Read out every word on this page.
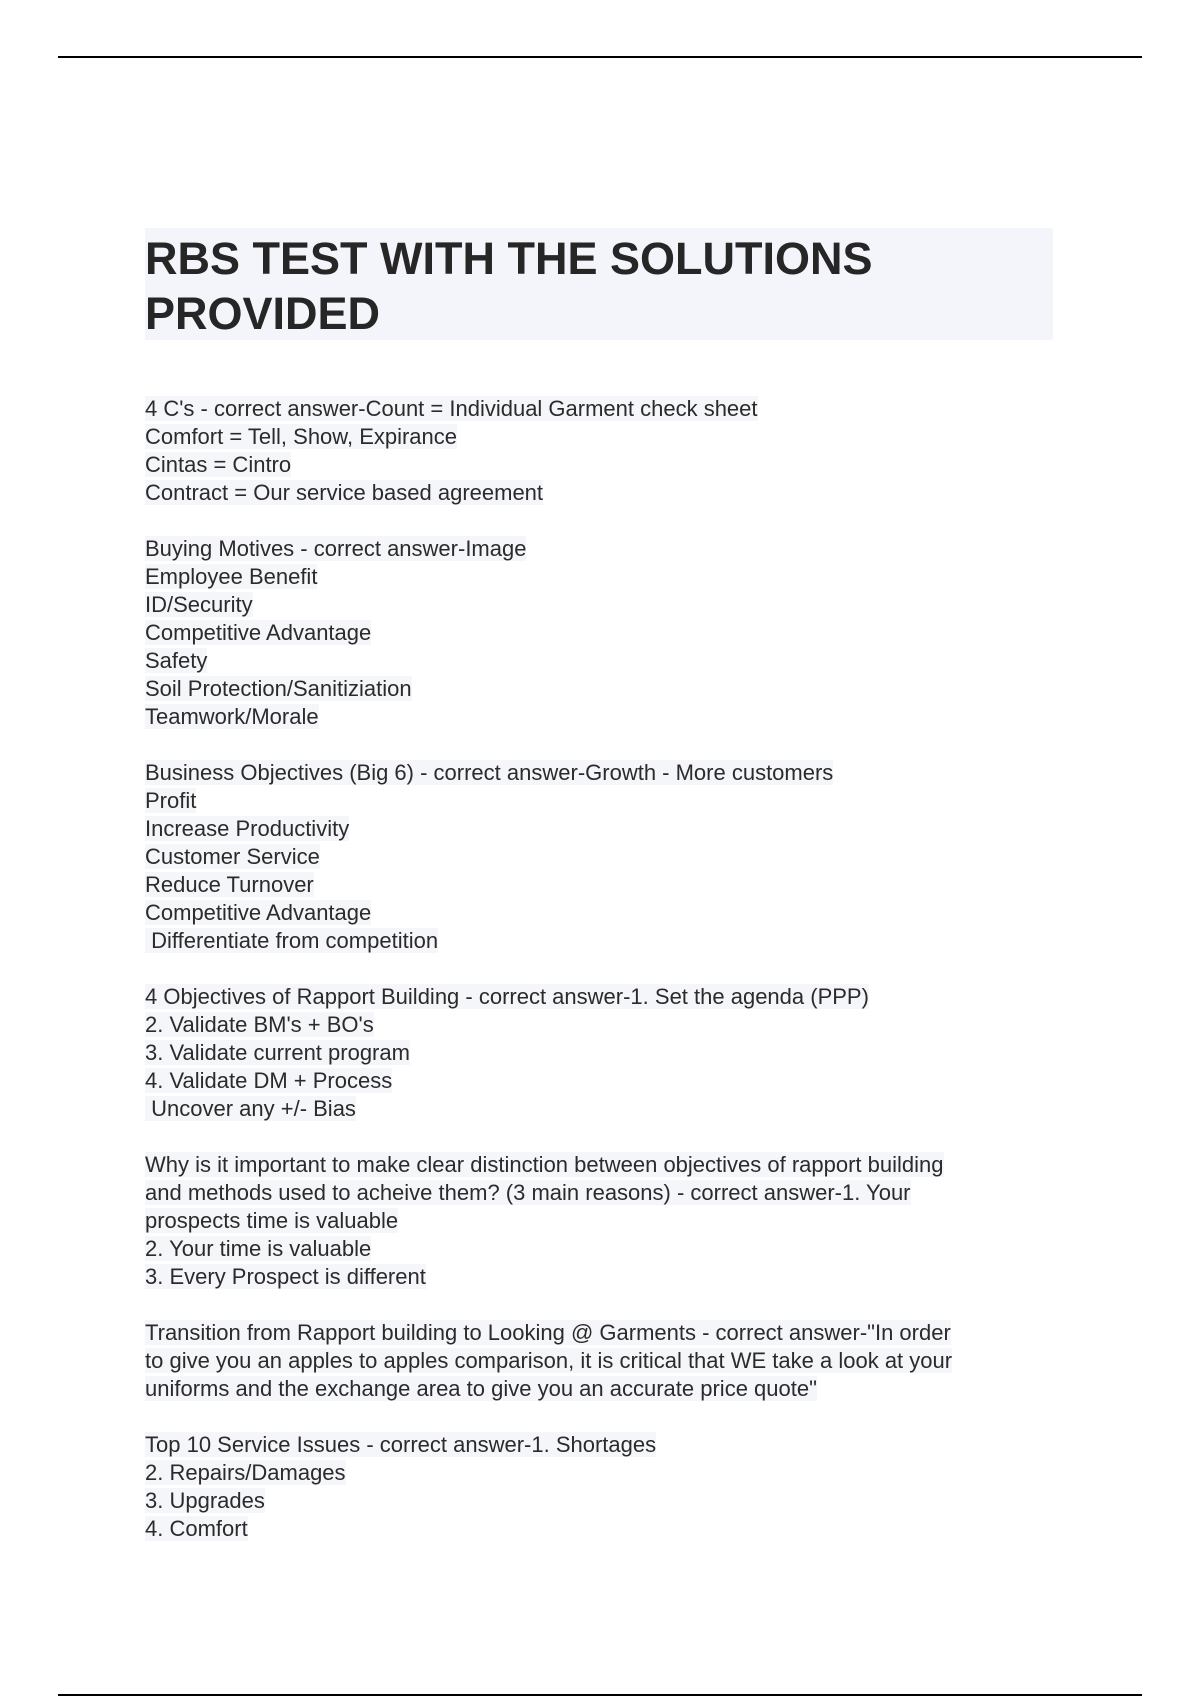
RBS TEST WITH THE SOLUTIONS
PROVIDED
4 C's - correct answer-Count = Individual Garment check sheet
Comfort = Tell, Show, Expirance
Cintas = Cintro
Contract = Our service based agreement
Buying Motives - correct answer-Image
Employee Benefit
ID/Security
Competitive Advantage
Safety
Soil Protection/Sanitiziation
Teamwork/Morale
Business Objectives (Big 6) - correct answer-Growth - More customers
Profit
Increase Productivity
Customer Service
Reduce Turnover
Competitive Advantage
Differentiate from competition
4 Objectives of Rapport Building - correct answer-1. Set the agenda (PPP)
2. Validate BM's + BO's
3. Validate current program
4. Validate DM + Process
Uncover any +/- Bias
Why is it important to make clear distinction between objectives of rapport building
and methods used to acheive them? (3 main reasons) - correct answer-1. Your
prospects time is valuable
2. Your time is valuable
3. Every Prospect is different
Transition from Rapport building to Looking @ Garments - correct answer-"In order
to give you an apples to apples comparison, it is critical that WE take a look at your
uniforms and the exchange area to give you an accurate price quote"
Top 10 Service Issues - correct answer-1. Shortages
2. Repairs/Damages
3. Upgrades
4. Comfort
